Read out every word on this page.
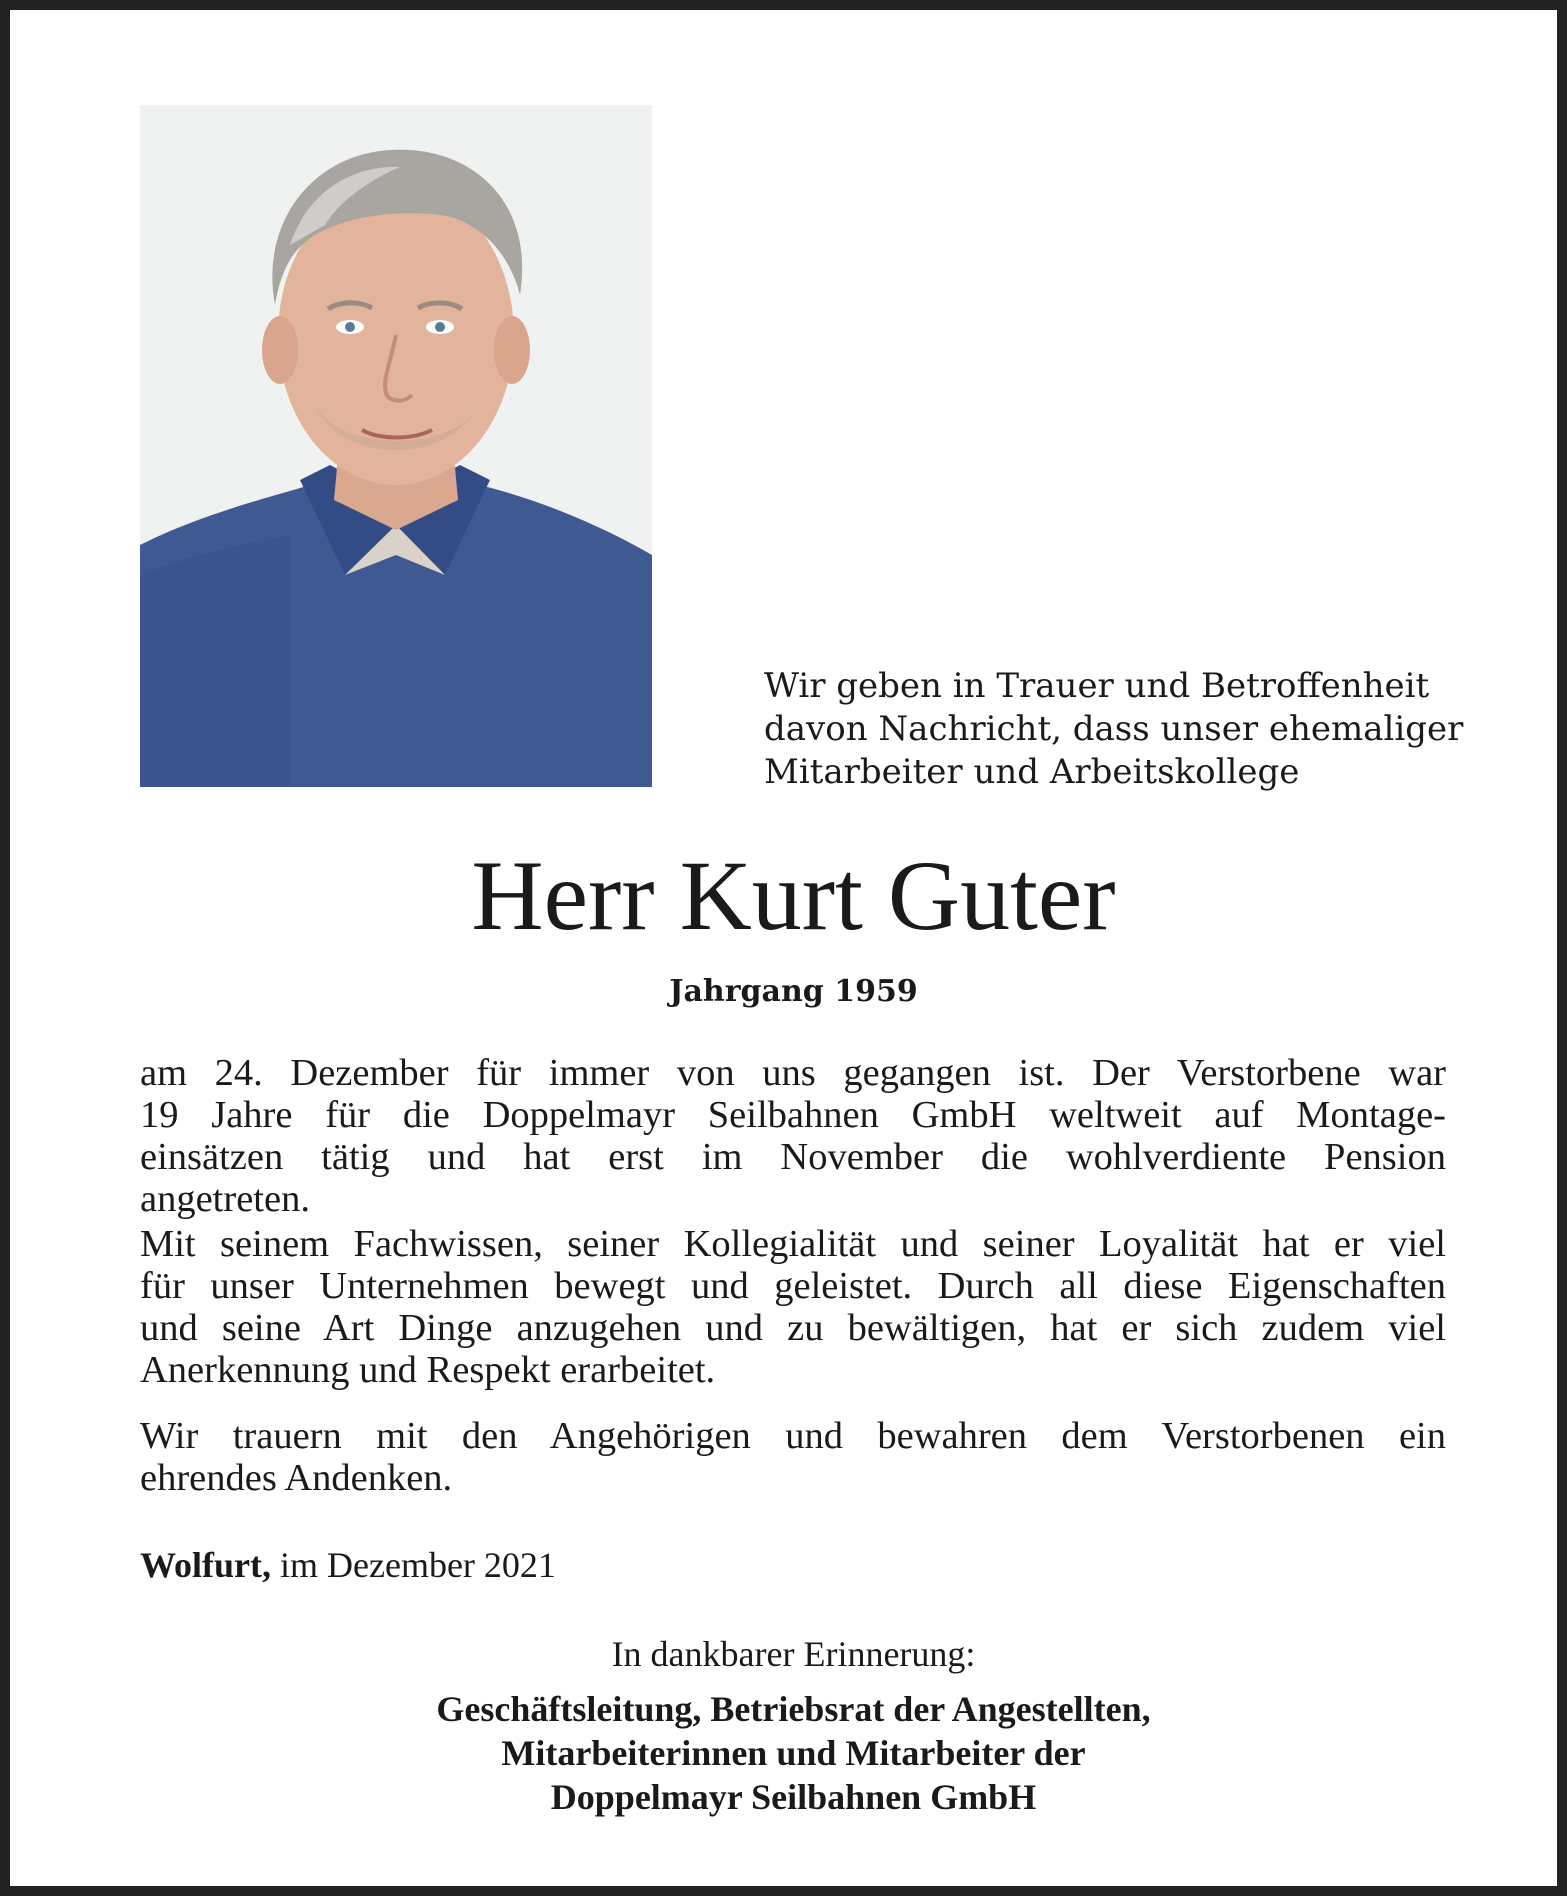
Wir geben in Trauer und Betroffenheit
davon Nachricht, dass unser ehemaliger
Mitarbeiter und Arbeitskollege
Herr Kurt Guter
Jahrgang 1959
am 24. Dezember für immer von uns gegangen ist. Der Verstorbene war
19 Jahre für die Doppelmayr Seilbahnen GmbH weltweit auf Montage-
einsätzen tätig und hat erst im November die wohlverdiente Pension
angetreten.
Mit seinem Fachwissen, seiner Kollegialität und seiner Loyalität hat er viel
für unser Unternehmen bewegt und geleistet. Durch all diese Eigenschaften
und seine Art Dinge anzugehen und zu bewältigen, hat er sich zudem viel
Anerkennung und Respekt erarbeitet.
Wir trauern mit den Angehörigen und bewahren dem Verstorbenen ein
ehrendes Andenken.
Wolfurt, im Dezember 2021
In dankbarer Erinnerung:
Geschäftsleitung, Betriebsrat der Angestellten,
Mitarbeiterinnen und Mitarbeiter der
Doppelmayr Seilbahnen GmbH
